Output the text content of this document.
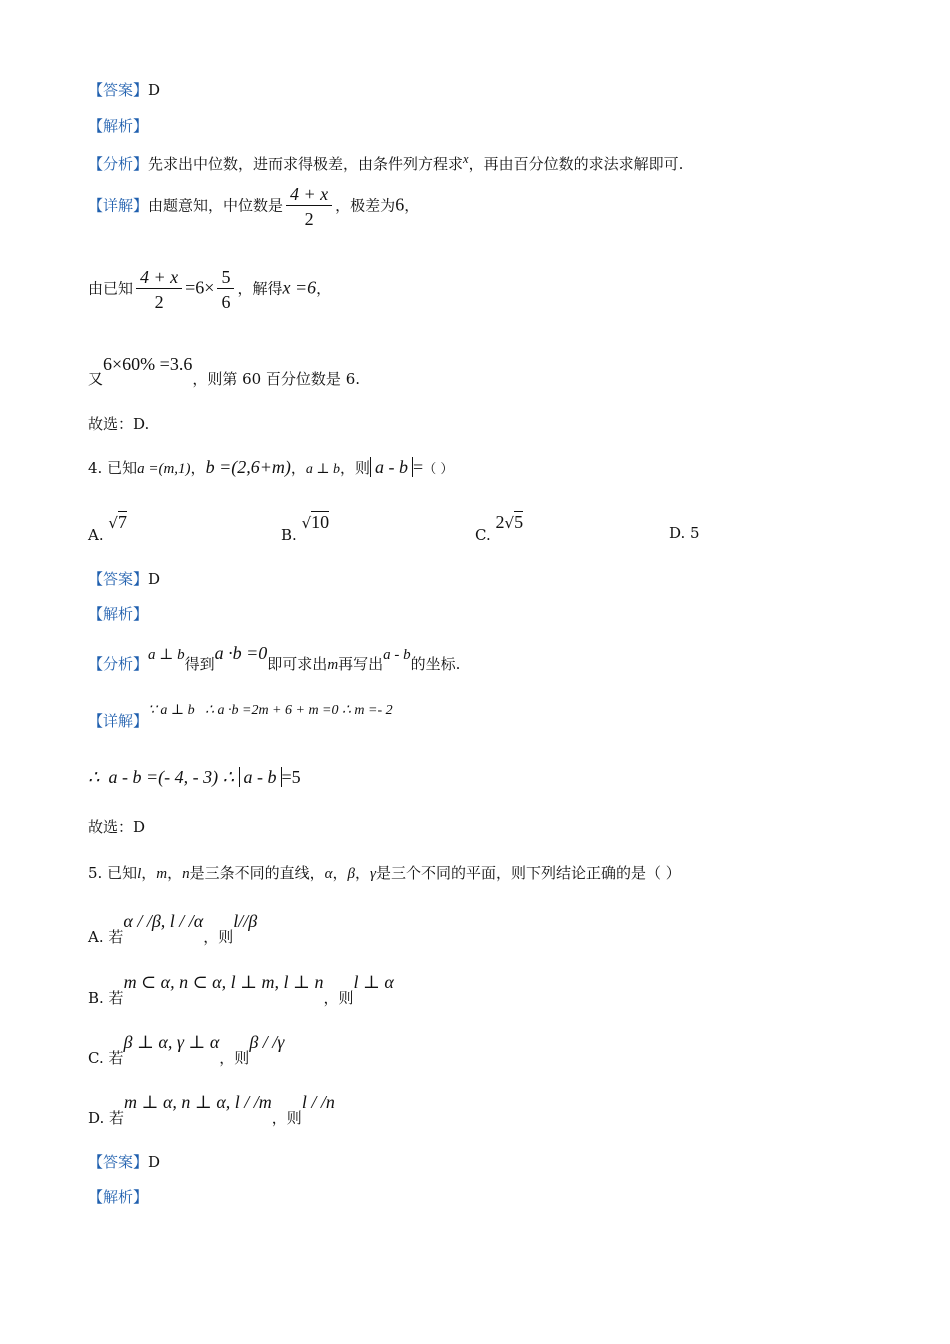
【答案】D
【解析】
【分析】先求出中位数，进而求得极差，由条件列方程求$^x$，再由百分位数的求法求解即可.
【详解】由题意知，中位数是 $\frac{4 + x}{2}$ ，极差为6，
由已知 $\frac{4 + x}{2} =6\times \frac{5}{6}$ ，解得x =6，
又6×60% =3.6，则第 60 百分位数是 6.
故选：D.
4. 已知a =(m,1)，b =(2,6+m)，a ⊥ b，则 a - b =（ ）
A. √7
B. √10
C. 2√5
D. 5
【答案】D
【解析】
【分析】a ⊥ b得到a ·b =0即可求出m再写出a - b的坐标.
【详解】∵ a ⊥ b   ∴ a ·b =2m + 6 + m =0 ∴ m =- 2
∴  a - b =(- 4, - 3) ∴ a - b =5
故选：D
5. 已知l，m，n是三条不同的直线，α，β，γ是三个不同的平面，则下列结论正确的是（ ）
A. 若α / /β, l / /α，则l//β
B. 若m ⊂ α, n ⊂ α, l ⊥ m, l ⊥ n，则l ⊥ α
C. 若β ⊥ α, γ ⊥ α，则β / /γ
D. 若m ⊥ α, n ⊥ α, l / /m，则l / /n
【答案】D
【解析】
